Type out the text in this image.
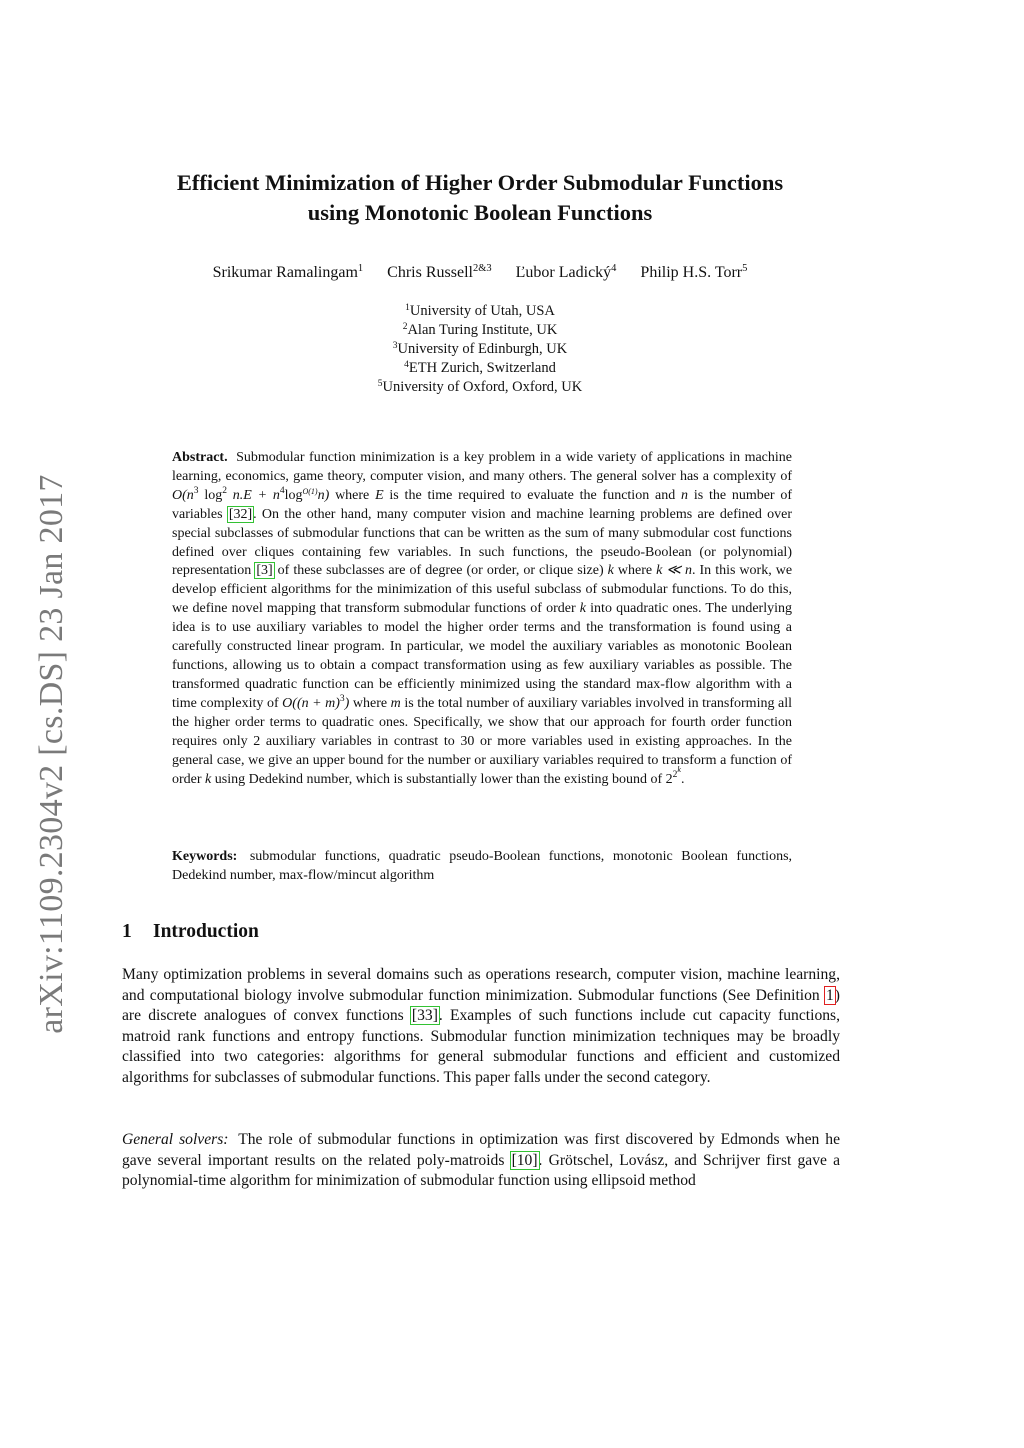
arXiv:1109.2304v2 [cs.DS] 23 Jan 2017
Efficient Minimization of Higher Order Submodular Functions
using Monotonic Boolean Functions
Srikumar Ramalingam$^1$ Chris Russell$^{2\&3}$ Ľubor Ladický$^4$ Philip H.S. Torr$^5$
$^1$University of Utah, USA
$^2$Alan Turing Institute, UK
$^3$University of Edinburgh, UK
$^4$ETH Zurich, Switzerland
$^5$University of Oxford, Oxford, UK
Abstract. Submodular function minimization is a key problem in a wide variety of applications in machine learning, economics, game theory, computer vision, and many others. The general solver has a complexity of $O(n^3$ $\log^2 n.E + n^4\log^{O(1)}n$) where E is the time required to evaluate the function and n is the number of variables [32]. On the other hand, many computer vision and machine learning problems are defined over special subclasses of submodular functions that can be written as the sum of many submodular cost functions defined over cliques containing few variables. In such functions, the pseudo-Boolean (or polynomial) representation [3] of these subclasses are of degree (or order, or clique size) k where k ≪ n. In this work, we develop efficient algorithms for the minimization of this useful subclass of submodular functions. To do this, we define novel mapping that transform submodular functions of order k into quadratic ones. The underlying idea is to use auxiliary variables to model the higher order terms and the transformation is found using a carefully constructed linear program. In particular, we model the auxiliary variables as monotonic Boolean functions, allowing us to obtain a compact transformation using as few auxiliary variables as possible. The transformed quadratic function can be efficiently minimized using the standard max-flow algorithm with a time complexity of $O((n + m)^3)$ where m is the total number of auxiliary variables involved in transforming all the higher order terms to quadratic ones. Specifically, we show that our approach for fourth order function requires only 2 auxiliary variables in contrast to 30 or more variables used in existing approaches. In the general case, we give an upper bound for the number or auxiliary variables required to transform a function of order k using Dedekind number, which is substantially lower than the existing bound of $2^{2^k}$.
Keywords: submodular functions, quadratic pseudo-Boolean functions, monotonic Boolean functions, Dedekind number, max-flow/mincut algorithm
1 Introduction
Many optimization problems in several domains such as operations research, computer vision, machine learning, and computational biology involve submodular function minimization. Submodular functions (See Definition 1) are discrete analogues of convex functions [33]. Examples of such functions include cut capacity functions, matroid rank functions and entropy functions. Submodular function minimization techniques may be broadly classified into two categories: algorithms for general submodular functions and efficient and customized algorithms for subclasses of submodular functions. This paper falls under the second category.
General solvers: The role of submodular functions in optimization was first discovered by Edmonds when he gave several important results on the related poly-matroids [10]. Grötschel, Lovász, and Schrijver first gave a polynomial-time algorithm for minimization of submodular function using ellipsoid method
